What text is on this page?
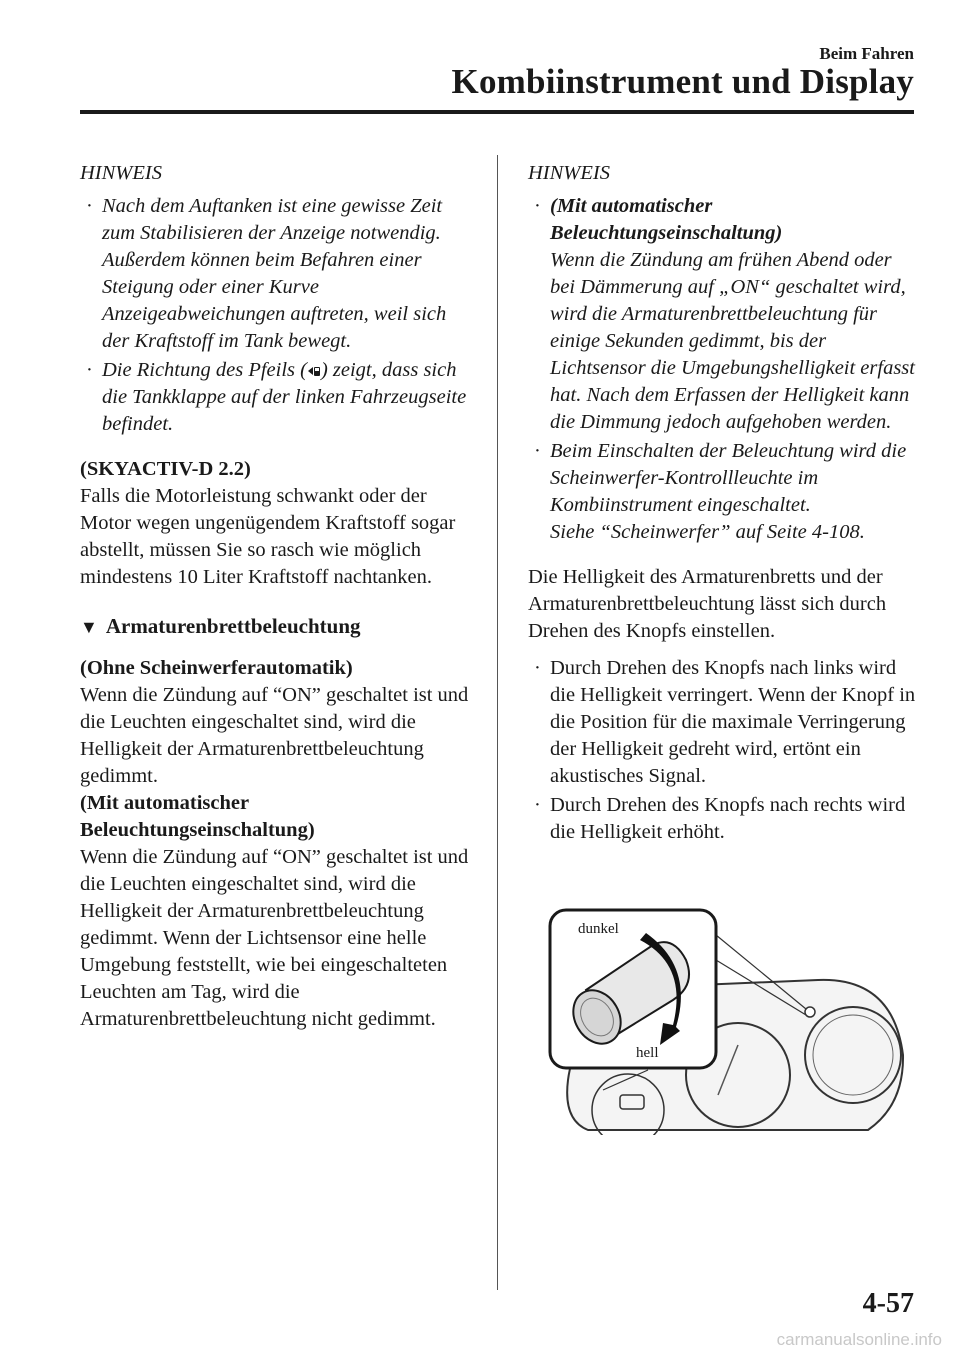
Beim Fahren
Kombiinstrument und Display
HINWEIS
· Nach dem Auftanken ist eine gewisse Zeit zum Stabilisieren der Anzeige notwendig. Außerdem können beim Befahren einer Steigung oder einer Kurve Anzeigeabweichungen auftreten, weil sich der Kraftstoff im Tank bewegt.
· Die Richtung des Pfeils ( ) zeigt, dass sich die Tankklappe auf der linken Fahrzeugseite befindet.
(SKYACTIV-D 2.2)

Falls die Motorleistung schwankt oder der Motor wegen ungenügendem Kraftstoff sogar abstellt, müssen Sie so rasch wie möglich mindestens 10 Liter Kraftstoff nachtanken.

▼ Armaturenbrettbeleuchtung
(Ohne Scheinwerferautomatik)

Wenn die Zündung auf “ON” geschaltet ist und die Leuchten eingeschaltet sind, wird die Helligkeit der Armaturenbrettbeleuchtung gedimmt.

(Mit automatischer Beleuchtungseinschaltung)

Wenn die Zündung auf “ON” geschaltet ist und die Leuchten eingeschaltet sind, wird die Helligkeit der Armaturenbrettbeleuchtung gedimmt. Wenn der Lichtsensor eine helle Umgebung feststellt, wie bei eingeschalteten Leuchten am Tag, wird die Armaturenbrettbeleuchtung nicht gedimmt.

HINWEIS
· (Mit automatischer Beleuchtungseinschaltung)
Wenn die Zündung am frühen Abend oder bei Dämmerung auf „ON“ geschaltet wird, wird die Armaturenbrettbeleuchtung für einige Sekunden gedimmt, bis der Lichtsensor die Umgebungshelligkeit erfasst hat. Nach dem Erfassen der Helligkeit kann die Dimmung jedoch aufgehoben werden.
· Beim Einschalten der Beleuchtung wird die Scheinwerfer-Kontrollleuchte im Kombiinstrument eingeschaltet.
Siehe “Scheinwerfer” auf Seite 4-108.

Die Helligkeit des Armaturenbretts und der Armaturenbrettbeleuchtung lässt sich durch Drehen des Knopfs einstellen.

· Durch Drehen des Knopfs nach links wird die Helligkeit verringert. Wenn der Knopf in die Position für die maximale Verringerung der Helligkeit gedreht wird, ertönt ein akustisches Signal.
· Durch Drehen des Knopfs nach rechts wird die Helligkeit erhöht.
dunkel
hell
4-57
carmanualsonline.info
